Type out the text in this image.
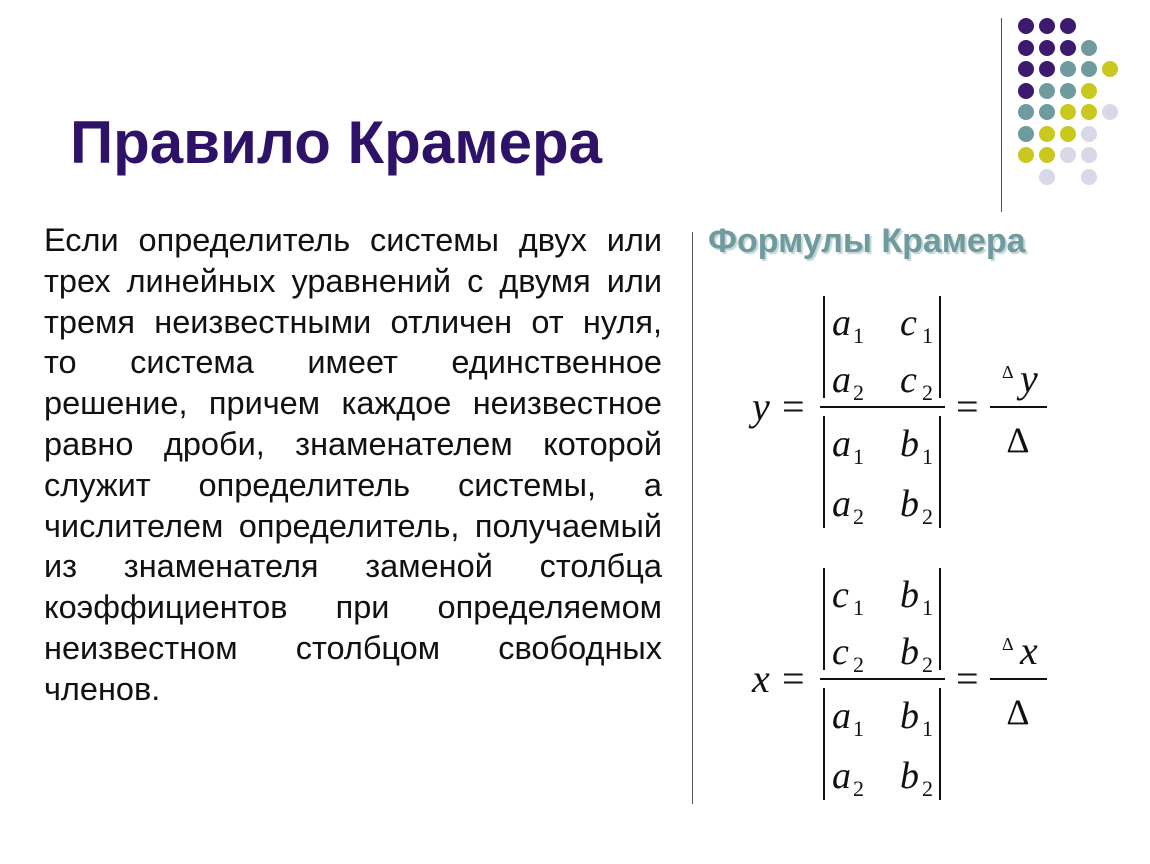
Правило Крамера
Если определитель системы двух или трех линейных уравнений с двумя или тремя неизвестными отличен от нуля, то система имеет единственное решение, причем каждое неизвестное равно дроби, знаменателем которой служит определитель системы, а числителем определитель, получаемый из знаменателя заменой столбца коэффициентов при определяемом неизвестном столбцом свободных членов.
Формулы Крамера
y =
a 1 c 1
a 2 c 2
a 1 b 1
a 2 b 2
=
Δ y
Δ
x =
c 1 b 1
c 2 b 2
a 1 b 1
a 2 b 2
=
Δ x
Δ
